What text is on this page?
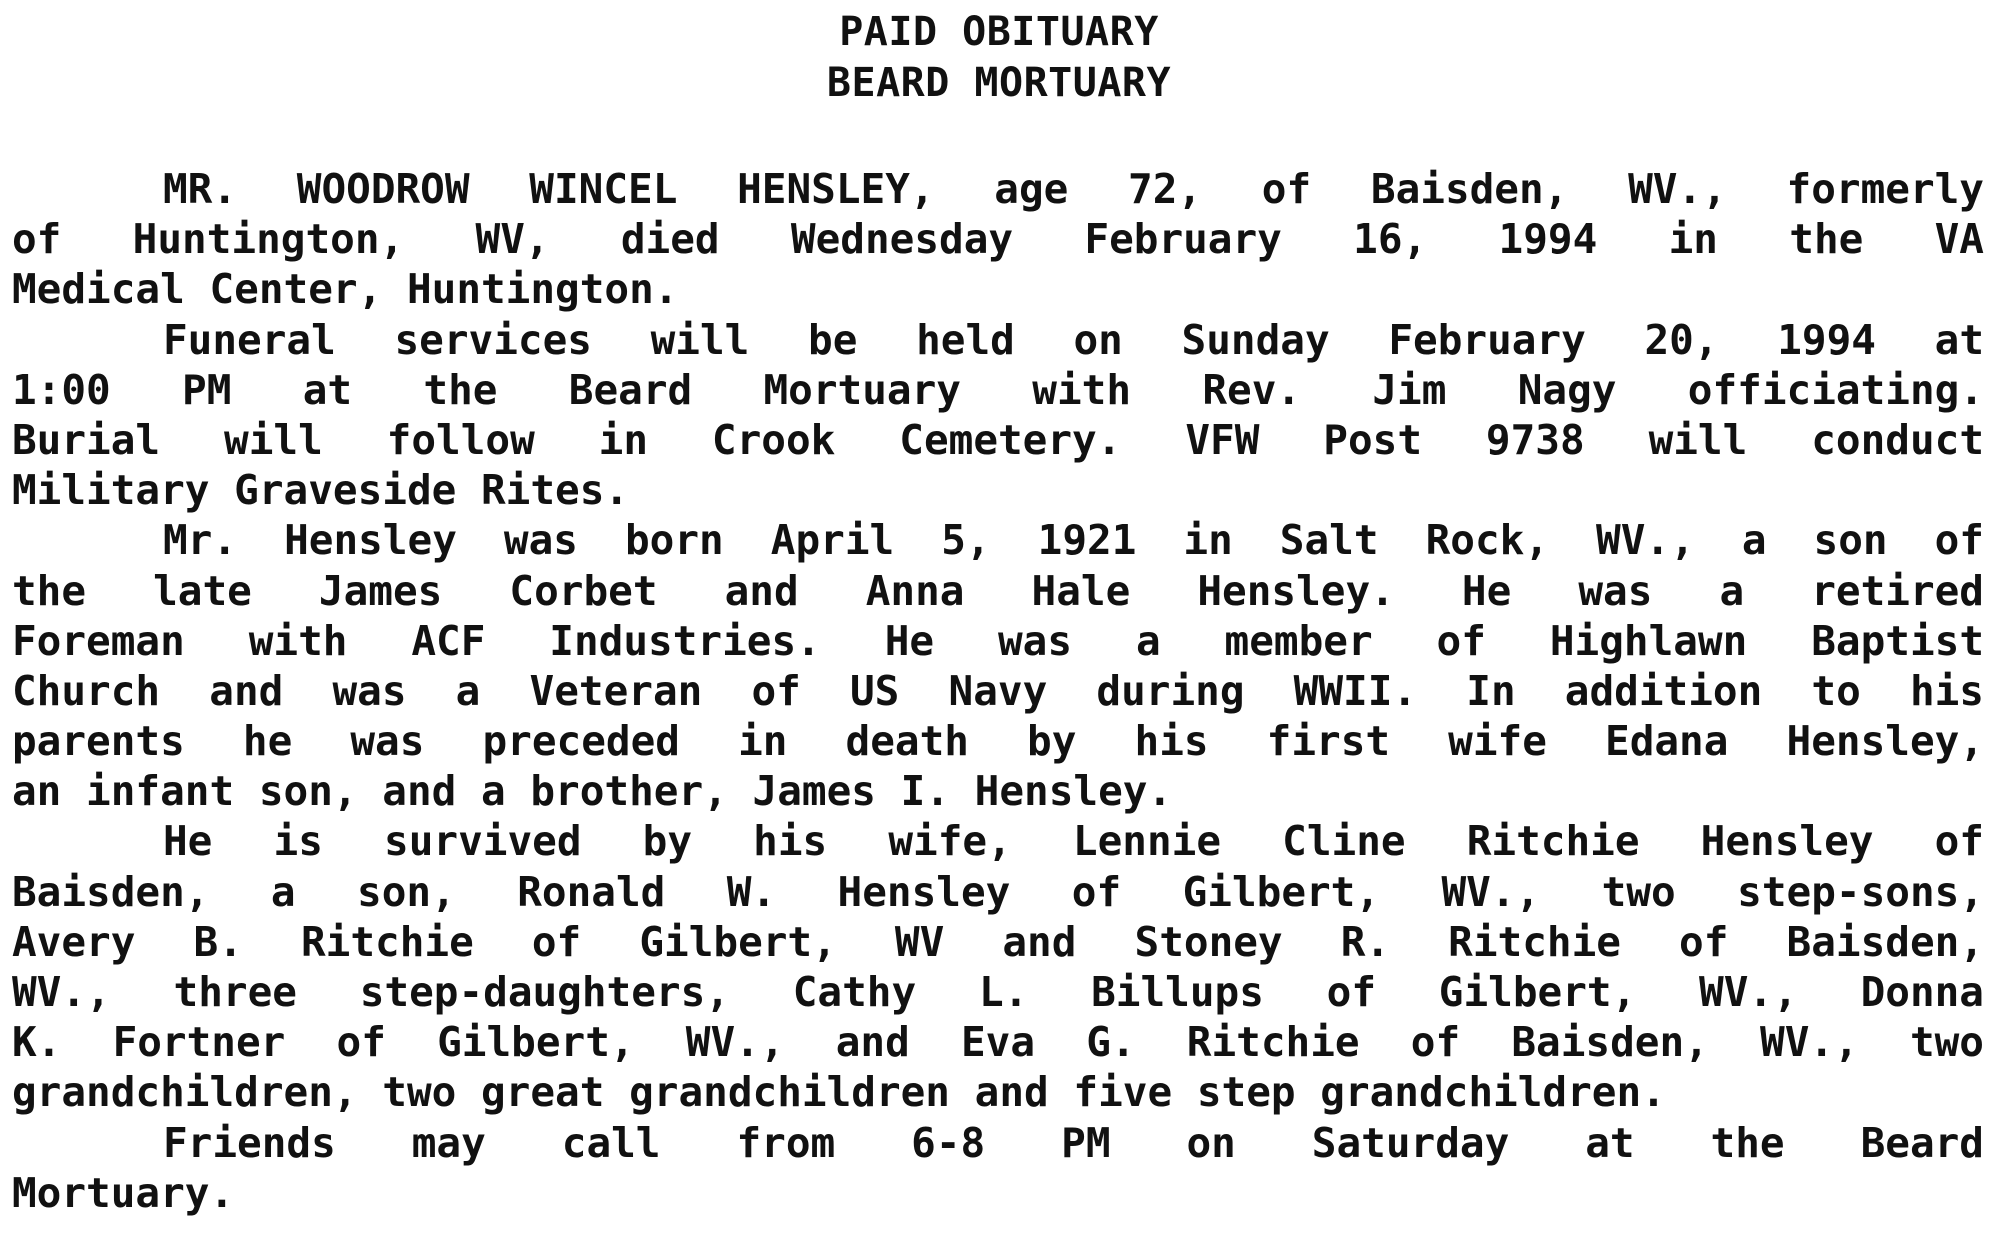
PAID OBITUARY
BEARD MORTUARY
MR. WOODROW WINCEL HENSLEY, age 72, of Baisden, WV., formerly
of Huntington, WV, died Wednesday February 16, 1994 in the VA
Medical Center, Huntington.
Funeral services will be held on Sunday February 20, 1994 at
1:00 PM at the Beard Mortuary with Rev. Jim Nagy officiating.
Burial will follow in Crook Cemetery. VFW Post 9738 will conduct
Military Graveside Rites.
Mr. Hensley was born April 5, 1921 in Salt Rock, WV., a son of
the late James Corbet and Anna Hale Hensley. He was a retired
Foreman with ACF Industries. He was a member of Highlawn Baptist
Church and was a Veteran of US Navy during WWII. In addition to his
parents he was preceded in death by his first wife Edana Hensley,
an infant son, and a brother, James I. Hensley.
He is survived by his wife, Lennie Cline Ritchie Hensley of
Baisden, a son, Ronald W. Hensley of Gilbert, WV., two step-sons,
Avery B. Ritchie of Gilbert, WV and Stoney R. Ritchie of Baisden,
WV., three step-daughters, Cathy L. Billups of Gilbert, WV., Donna
K. Fortner of Gilbert, WV., and Eva G. Ritchie of Baisden, WV., two
grandchildren, two great grandchildren and five step grandchildren.
Friends may call from 6-8 PM on Saturday at the Beard
Mortuary.
